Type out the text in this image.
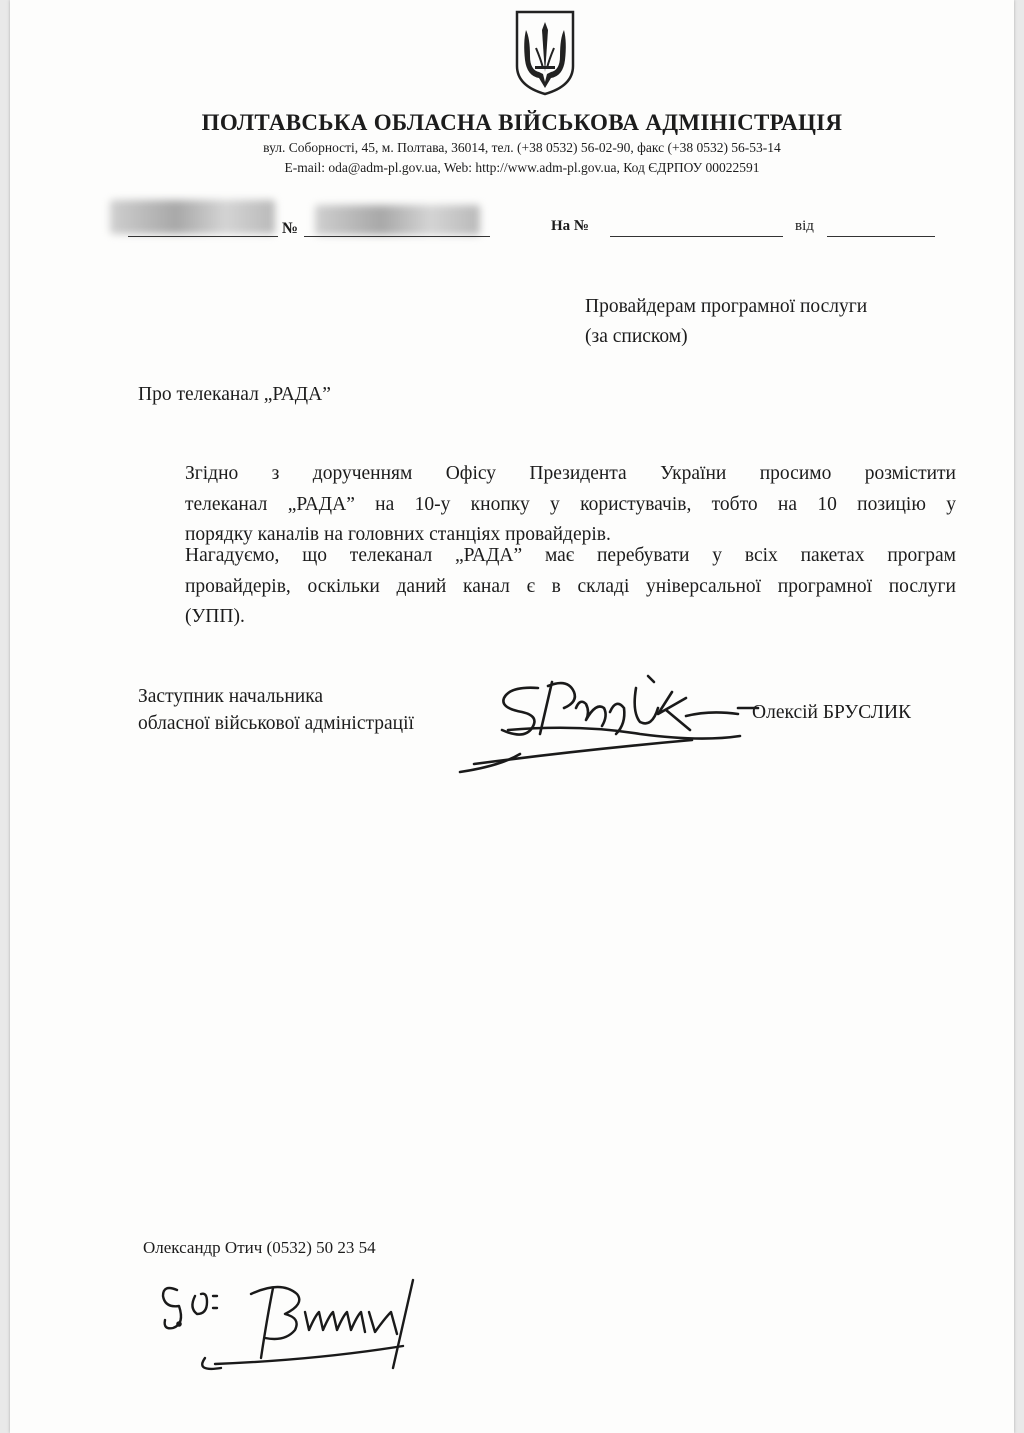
ПОЛТАВСЬКА ОБЛАСНА ВІЙСЬКОВА АДМІНІСТРАЦІЯ
вул. Соборності, 45, м. Полтава, 36014, тел. (+38 0532) 56-02-90, факс (+38 0532) 56-53-14
E-mail: oda@adm-pl.gov.ua, Web: http://www.adm-pl.gov.ua, Код ЄДРПОУ 00022591
№	На №	від
Провайдерам програмної послуги
(за списком)
Про телеканал „РАДА”
Згідно з дорученням Офісу Президента України просимо розмістити
телеканал „РАДА” на 10-у кнопку у користувачів, тобто на 10 позицію у
порядку каналів на головних станціях провайдерів.
Нагадуємо, що телеканал „РАДА” має перебувати у всіх пакетах програм
провайдерів, оскільки даний канал є в складі універсальної програмної послуги
(УПП).
Заступник начальника
обласної військової адміністрації
Олексій БРУСЛИК
Олександр Отич (0532) 50 23 54
